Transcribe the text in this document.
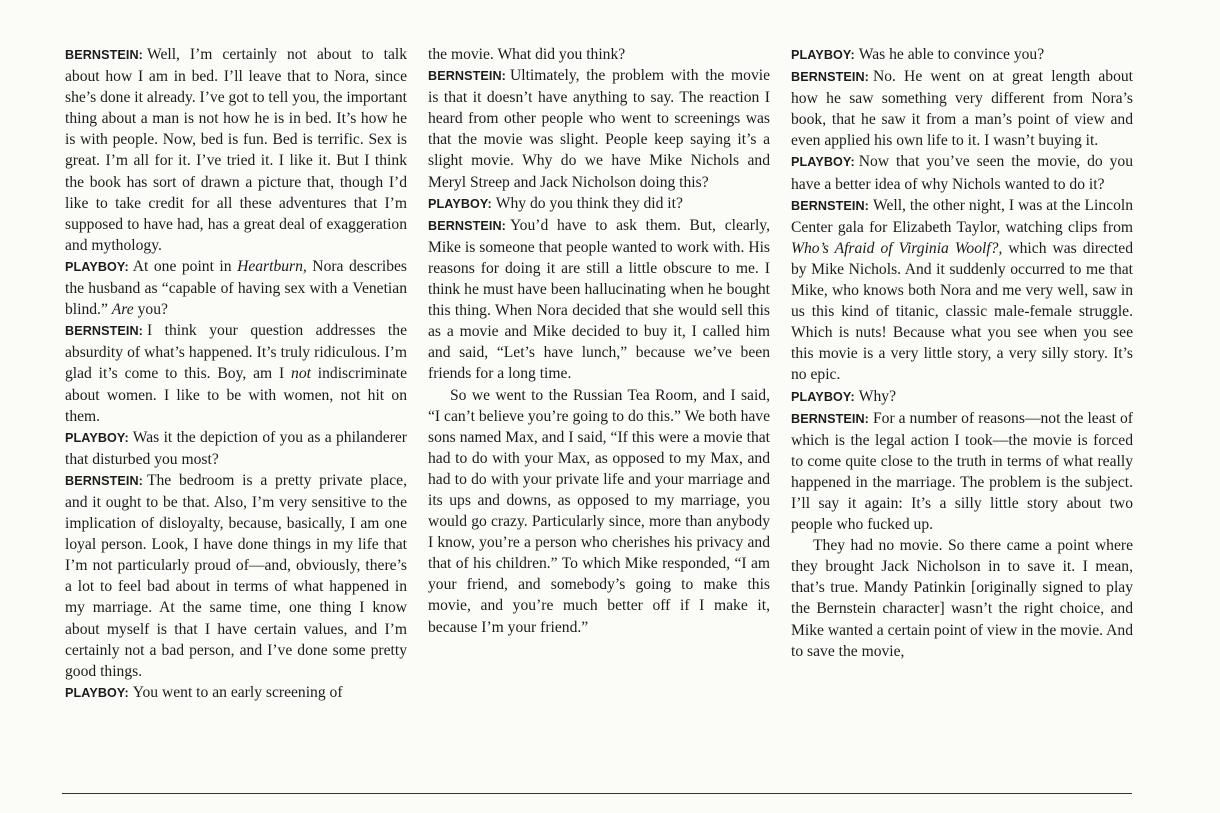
BERNSTEIN: Well, I’m certainly not about to talk about how I am in bed. I’ll leave that to Nora, since she’s done it already. I’ve got to tell you, the important thing about a man is not how he is in bed. It’s how he is with people. Now, bed is fun. Bed is terrific. Sex is great. I’m all for it. I’ve tried it. I like it. But I think the book has sort of drawn a picture that, though I’d like to take credit for all these adventures that I’m supposed to have had, has a great deal of exaggeration and mythology.

PLAYBOY: At one point in Heartburn, Nora describes the husband as “capable of having sex with a Venetian blind.” Are you?

BERNSTEIN: I think your question addresses the absurdity of what’s happened. It’s truly ridiculous. I’m glad it’s come to this. Boy, am I not indiscriminate about women. I like to be with women, not hit on them.

PLAYBOY: Was it the depiction of you as a philanderer that disturbed you most?

BERNSTEIN: The bedroom is a pretty private place, and it ought to be that. Also, I’m very sensitive to the implication of disloyalty, because, basically, I am one loyal person. Look, I have done things in my life that I’m not particularly proud of—and, obviously, there’s a lot to feel bad about in terms of what happened in my marriage. At the same time, one thing I know about myself is that I have certain values, and I’m certainly not a bad person, and I’ve done some pretty good things.

PLAYBOY: You went to an early screening of

the movie. What did you think?

BERNSTEIN: Ultimately, the problem with the movie is that it doesn’t have anything to say. The reaction I heard from other people who went to screenings was that the movie was slight. People keep saying it’s a slight movie. Why do we have Mike Nichols and Meryl Streep and Jack Nicholson doing this?

PLAYBOY: Why do you think they did it?

BERNSTEIN: You’d have to ask them. But, clearly, Mike is someone that people wanted to work with. His reasons for doing it are still a little obscure to me. I think he must have been hallucinating when he bought this thing. When Nora decided that she would sell this as a movie and Mike decided to buy it, I called him and said, “Let’s have lunch,” because we’ve been friends for a long time.

So we went to the Russian Tea Room, and I said, “I can’t believe you’re going to do this.” We both have sons named Max, and I said, “If this were a movie that had to do with your Max, as opposed to my Max, and had to do with your private life and your marriage and its ups and downs, as opposed to my marriage, you would go crazy. Particularly since, more than anybody I know, you’re a person who cherishes his privacy and that of his children.” To which Mike responded, “I am your friend, and somebody’s going to make this movie, and you’re much better off if I make it, because I’m your friend.”

PLAYBOY: Was he able to convince you?

BERNSTEIN: No. He went on at great length about how he saw something very different from Nora’s book, that he saw it from a man’s point of view and even applied his own life to it. I wasn’t buying it.

PLAYBOY: Now that you’ve seen the movie, do you have a better idea of why Nichols wanted to do it?

BERNSTEIN: Well, the other night, I was at the Lincoln Center gala for Elizabeth Taylor, watching clips from Who’s Afraid of Virginia Woolf?, which was directed by Mike Nichols. And it suddenly occurred to me that Mike, who knows both Nora and me very well, saw in us this kind of titanic, classic male-female struggle. Which is nuts! Because what you see when you see this movie is a very little story, a very silly story. It’s no epic.

PLAYBOY: Why?

BERNSTEIN: For a number of reasons—not the least of which is the legal action I took—the movie is forced to come quite close to the truth in terms of what really happened in the marriage. The problem is the subject. I’ll say it again: It’s a silly little story about two people who fucked up.

They had no movie. So there came a point where they brought Jack Nicholson in to save it. I mean, that’s true. Mandy Patinkin [originally signed to play the Bernstein character] wasn’t the right choice, and Mike wanted a certain point of view in the movie. And to save the movie,
